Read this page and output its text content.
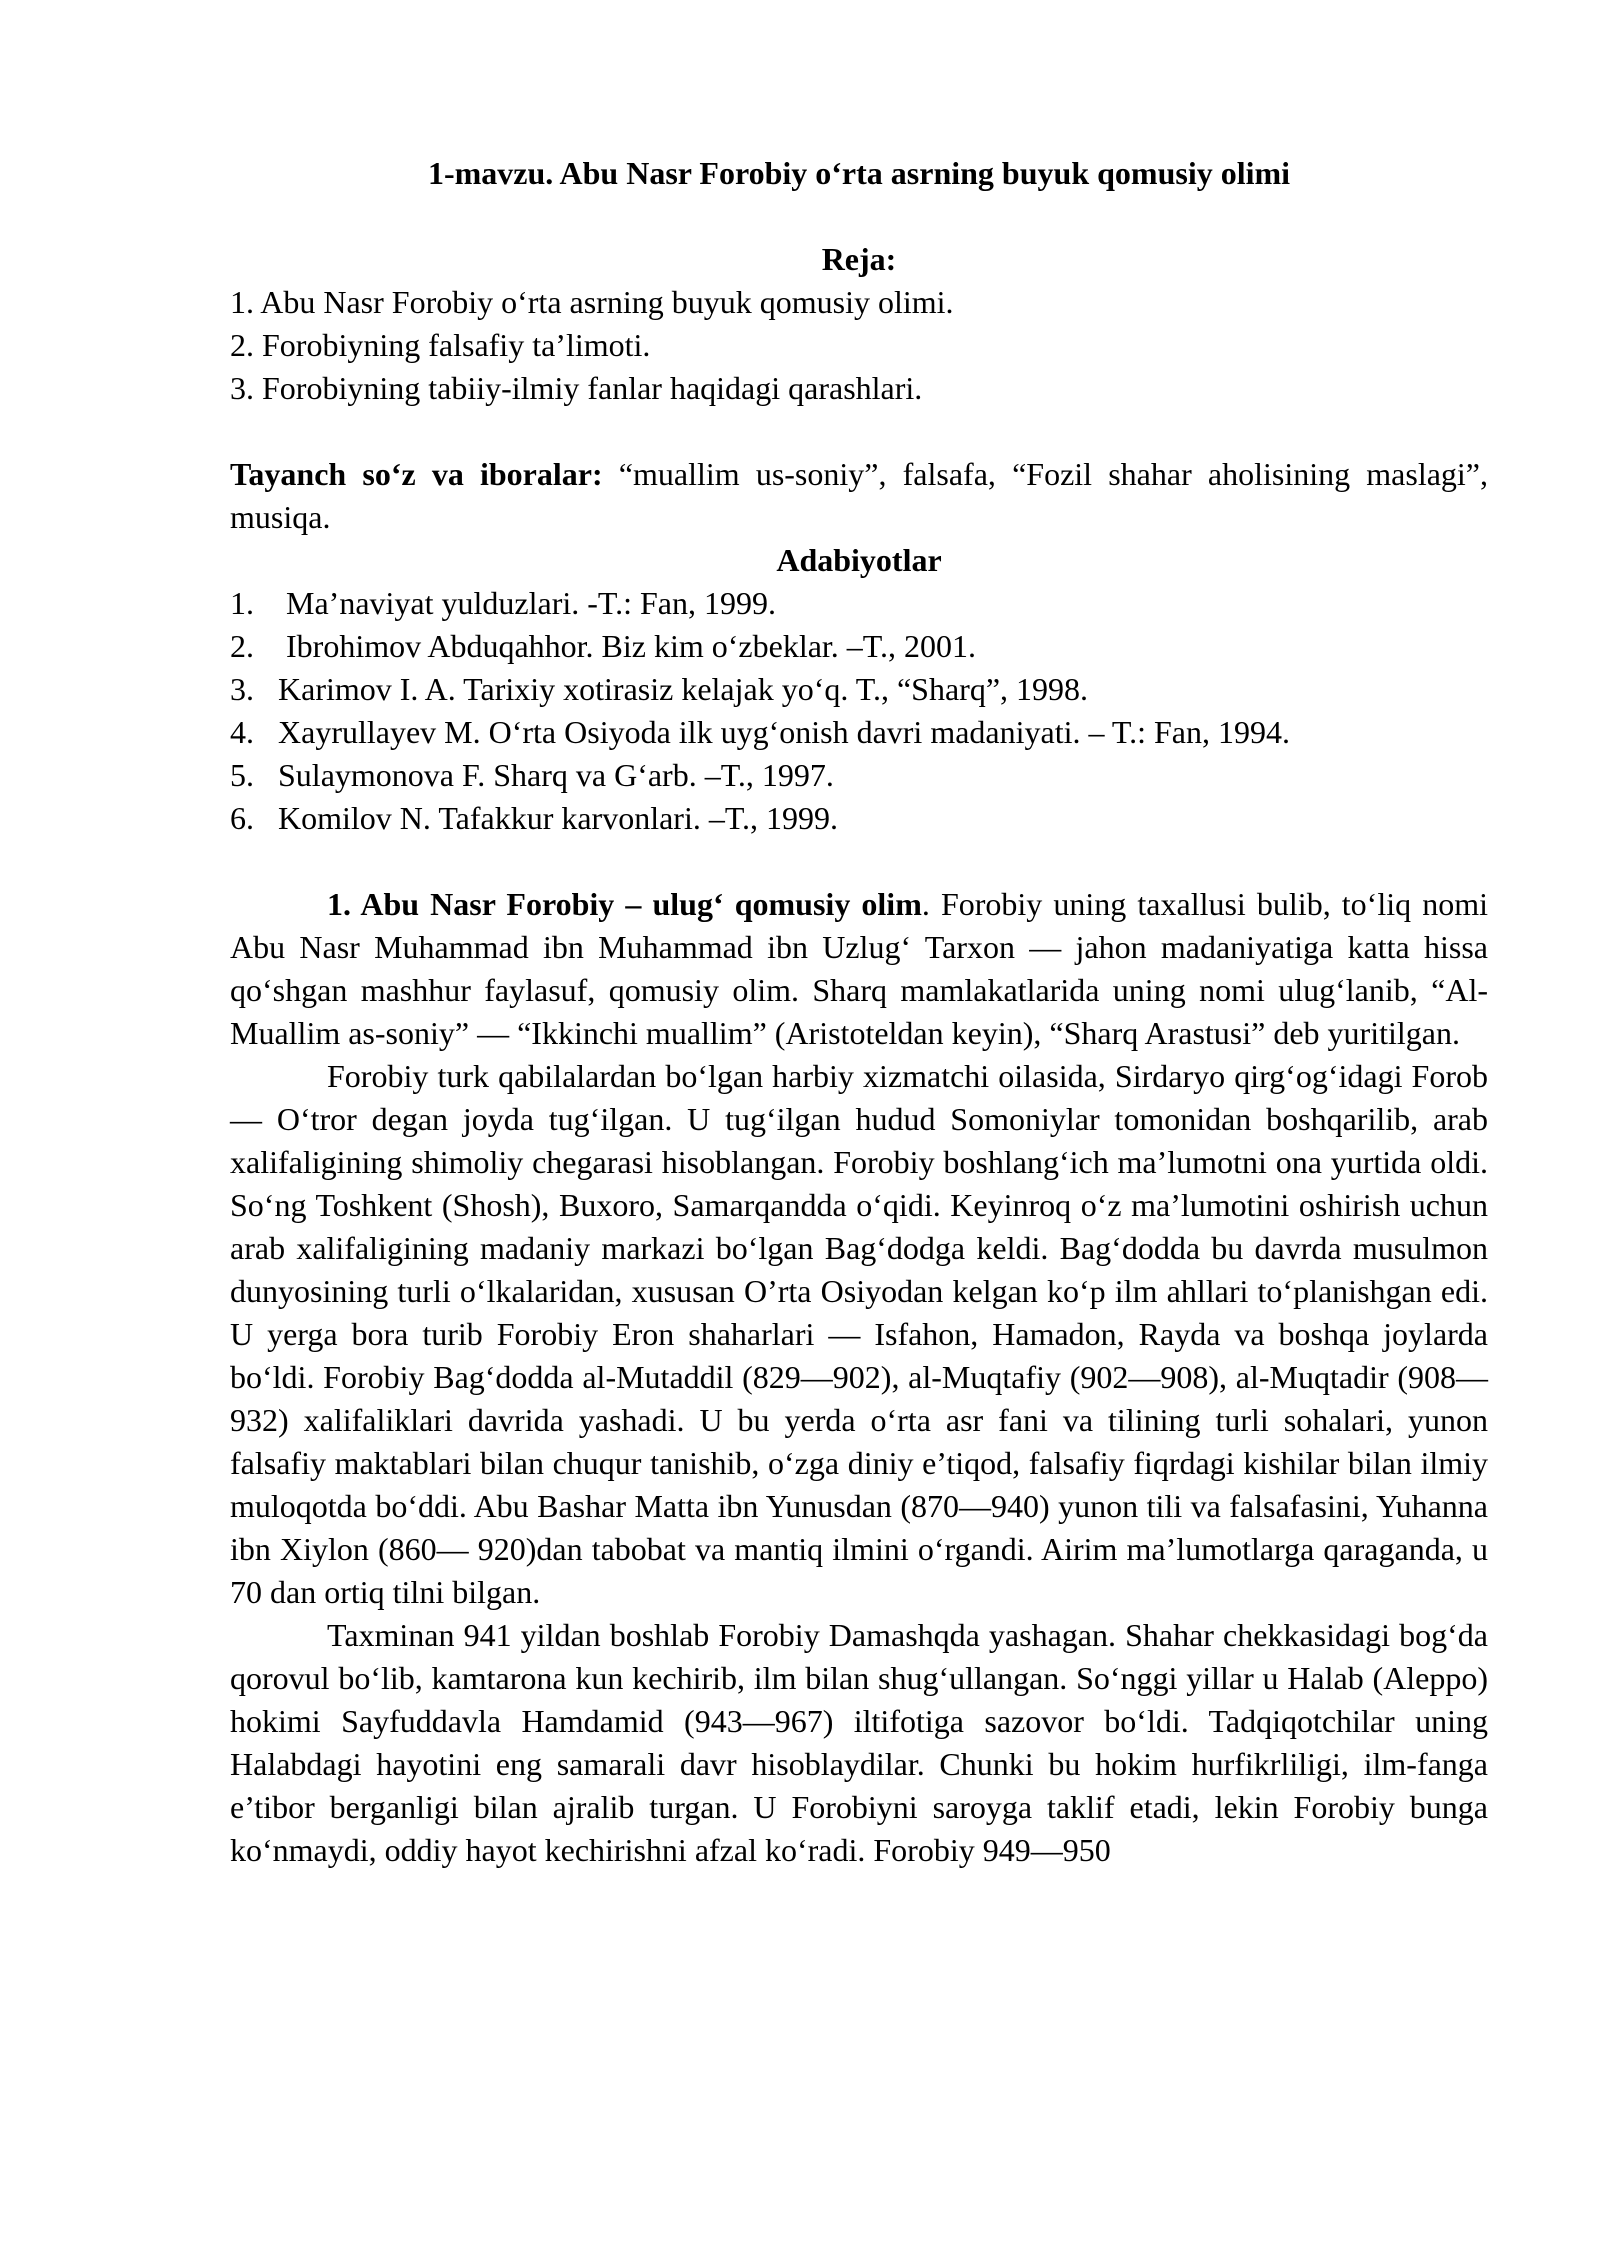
1-mavzu. Abu Nasr Forobiy o‘rta asrning buyuk qomusiy olimi

Reja:

1. Abu Nasr Forobiy o‘rta asrning buyuk qomusiy olimi.

2. Forobiyning falsafiy ta’limoti.

3. Forobiyning tabiiy-ilmiy fanlar haqidagi qarashlari.

Tayanch so‘z va iboralar: “muallim us-soniy”, falsafa, “Fozil shahar aholisining maslagi”, musiqa.

Adabiyotlar

1. Ma’naviyat yulduzlari. -T.: Fan, 1999.

2. Ibrohimov Abduqahhor. Biz kim o‘zbeklar. –T., 2001.

3. Karimov I. A. Tarixiy xotirasiz kelajak yo‘q. T., “Sharq”, 1998.

4. Xayrullayev M. O‘rta Osiyoda ilk uyg‘onish davri madaniyati. – T.: Fan, 1994.

5. Sulaymonova F. Sharq va G‘arb. –T., 1997.

6. Komilov N. Tafakkur karvonlari. –T., 1999.

1. Abu Nasr Forobiy – ulug‘ qomusiy olim. Forobiy uning taxallusi bulib, to‘liq nomi Abu Nasr Muhammad ibn Muhammad ibn Uzlug‘ Tarxon — jahon madaniyatiga katta hissa qo‘shgan mashhur faylasuf, qomusiy olim. Sharq mamlakatlarida uning nomi ulug‘lanib, “Al-Muallim as-soniy” — “Ikkinchi muallim” (Aristoteldan keyin), “Sharq Arastusi” deb yuritilgan.

Forobiy turk qabilalardan bo‘lgan harbiy xizmatchi oilasida, Sirdaryo qirg‘og‘idagi Forob — O‘tror degan joyda tug‘ilgan. U tug‘ilgan hudud Somoniylar tomonidan boshqarilib, arab xalifaligining shimoliy chegarasi hisoblangan. Forobiy boshlang‘ich ma’lumotni ona yurtida oldi. So‘ng Toshkent (Shosh), Buxoro, Samarqandda o‘qidi. Keyinroq o‘z ma’lumotini oshirish uchun arab xalifaligining madaniy markazi bo‘lgan Bag‘dodga keldi. Bag‘dodda bu davrda musulmon dunyosining turli o‘lkalaridan, xususan O’rta Osiyodan kelgan ko‘p ilm ahllari to‘planishgan edi. U yerga bora turib Forobiy Eron shaharlari — Isfahon, Hamadon, Rayda va boshqa joylarda bo‘ldi. Forobiy Bag‘dodda al-Mutaddil (829—902), al-Muqtafiy (902—908), al-Muqtadir (908—932) xalifaliklari davrida yashadi. U bu yerda o‘rta asr fani va tilining turli sohalari, yunon falsafiy maktablari bilan chuqur tanishib, o‘zga diniy e’tiqod, falsafiy fiqrdagi kishilar bilan ilmiy muloqotda bo‘ddi. Abu Bashar Matta ibn Yunusdan (870—940) yunon tili va falsafasini, Yuhanna ibn Xiylon (860— 920)dan tabobat va mantiq ilmini o‘rgandi. Airim ma’lumotlarga qaraganda, u 70 dan ortiq tilni bilgan.

Taxminan 941 yildan boshlab Forobiy Damashqda yashagan. Shahar chekkasidagi bog‘da qorovul bo‘lib, kamtarona kun kechirib, ilm bilan shug‘ullangan. So‘nggi yillar u Halab (Aleppo) hokimi Sayfuddavla Hamdamid (943—967) iltifotiga sazovor bo‘ldi. Tadqiqotchilar uning Halabdagi hayotini eng samarali davr hisoblaydilar. Chunki bu hokim hurfikrliligi, ilm-fanga e’tibor berganligi bilan ajralib turgan. U Forobiyni saroyga taklif etadi, lekin Forobiy bunga ko‘nmaydi, oddiy hayot kechirishni afzal ko‘radi. Forobiy 949—950
